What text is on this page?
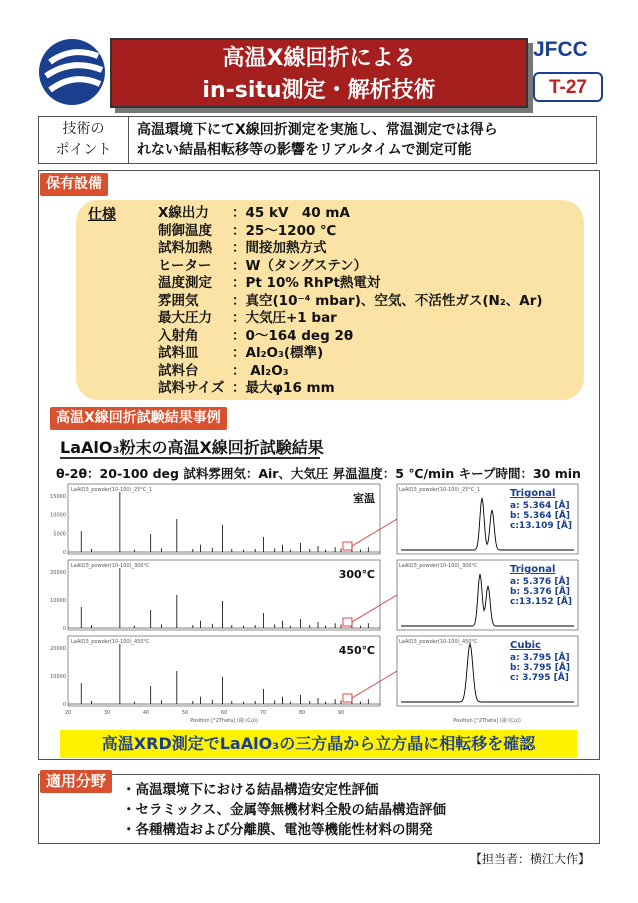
高温X線回折による
in-situ測定・解析技術
JFCC
T-27
技術の
ポイント
高温環境下にてX線回折測定を実施し、常温測定では得ら
れない結晶相転移等の影響をリアルタイムで測定可能
保有設備
仕様	X線出力 ：45 kV　40 mA
制御温度 ：25～1200 ℃
試料加熱 ：間接加熱方式
ヒーター ：W（タングステン）
温度測定 ：Pt 10% RhPt熱電対
雰囲気 ：真空(10⁻⁴ mbar)、空気、不活性ガス(N₂、Ar)
最大圧力 ：大気圧+1 bar
入射角 ：0～164 deg 2θ
試料皿 ：Al₂O₃(標準)
試料台 ： Al₂O₃
試料サイズ ：最大φ16 mm
高温X線回折試験結果事例
LaAlO₃粉末の高温X線回折試験結果
θ-2θ：20-100 deg 試料雰囲気：Air、大気圧 昇温温度：5 ℃/min キープ時間：30 min
LaAlO3_powder(10-100)_25°C_1
15000
10000
5000
0
室温
LaAlO3_powder(10-100)_25°C_1	Trigonal
a: 5.364 [Å]
b: 5.364 [Å]
c:13.109 [Å]
LaAlO3_powder(10-100)_300°C
20000
10000
0
300℃
LaAlO3_powder(10-100)_300°C	Trigonal
a: 5.376 [Å]
b: 5.376 [Å]
c:13.152 [Å]
LaAlO3_powder(10-100)_450°C
20000
10000
0
450℃
LaAlO3_powder(10-100)_450°C	Cubic
a: 3.795 [Å]
b: 3.795 [Å]
c: 3.795 [Å]
20	30	40	50	60	70	80	90
Position [°2Theta] (銅 (Cu))	Position [°2Theta] (銅 (Cu))
高温XRD測定でLaAlO₃の三方晶から立方晶に相転移を確認
適用分野	・高温環境下における結晶構造安定性評価
・セラミックス、金属等無機材料全般の結晶構造評価
・各種構造および分離膜、電池等機能性材料の開発
【担当者：横江大作】
